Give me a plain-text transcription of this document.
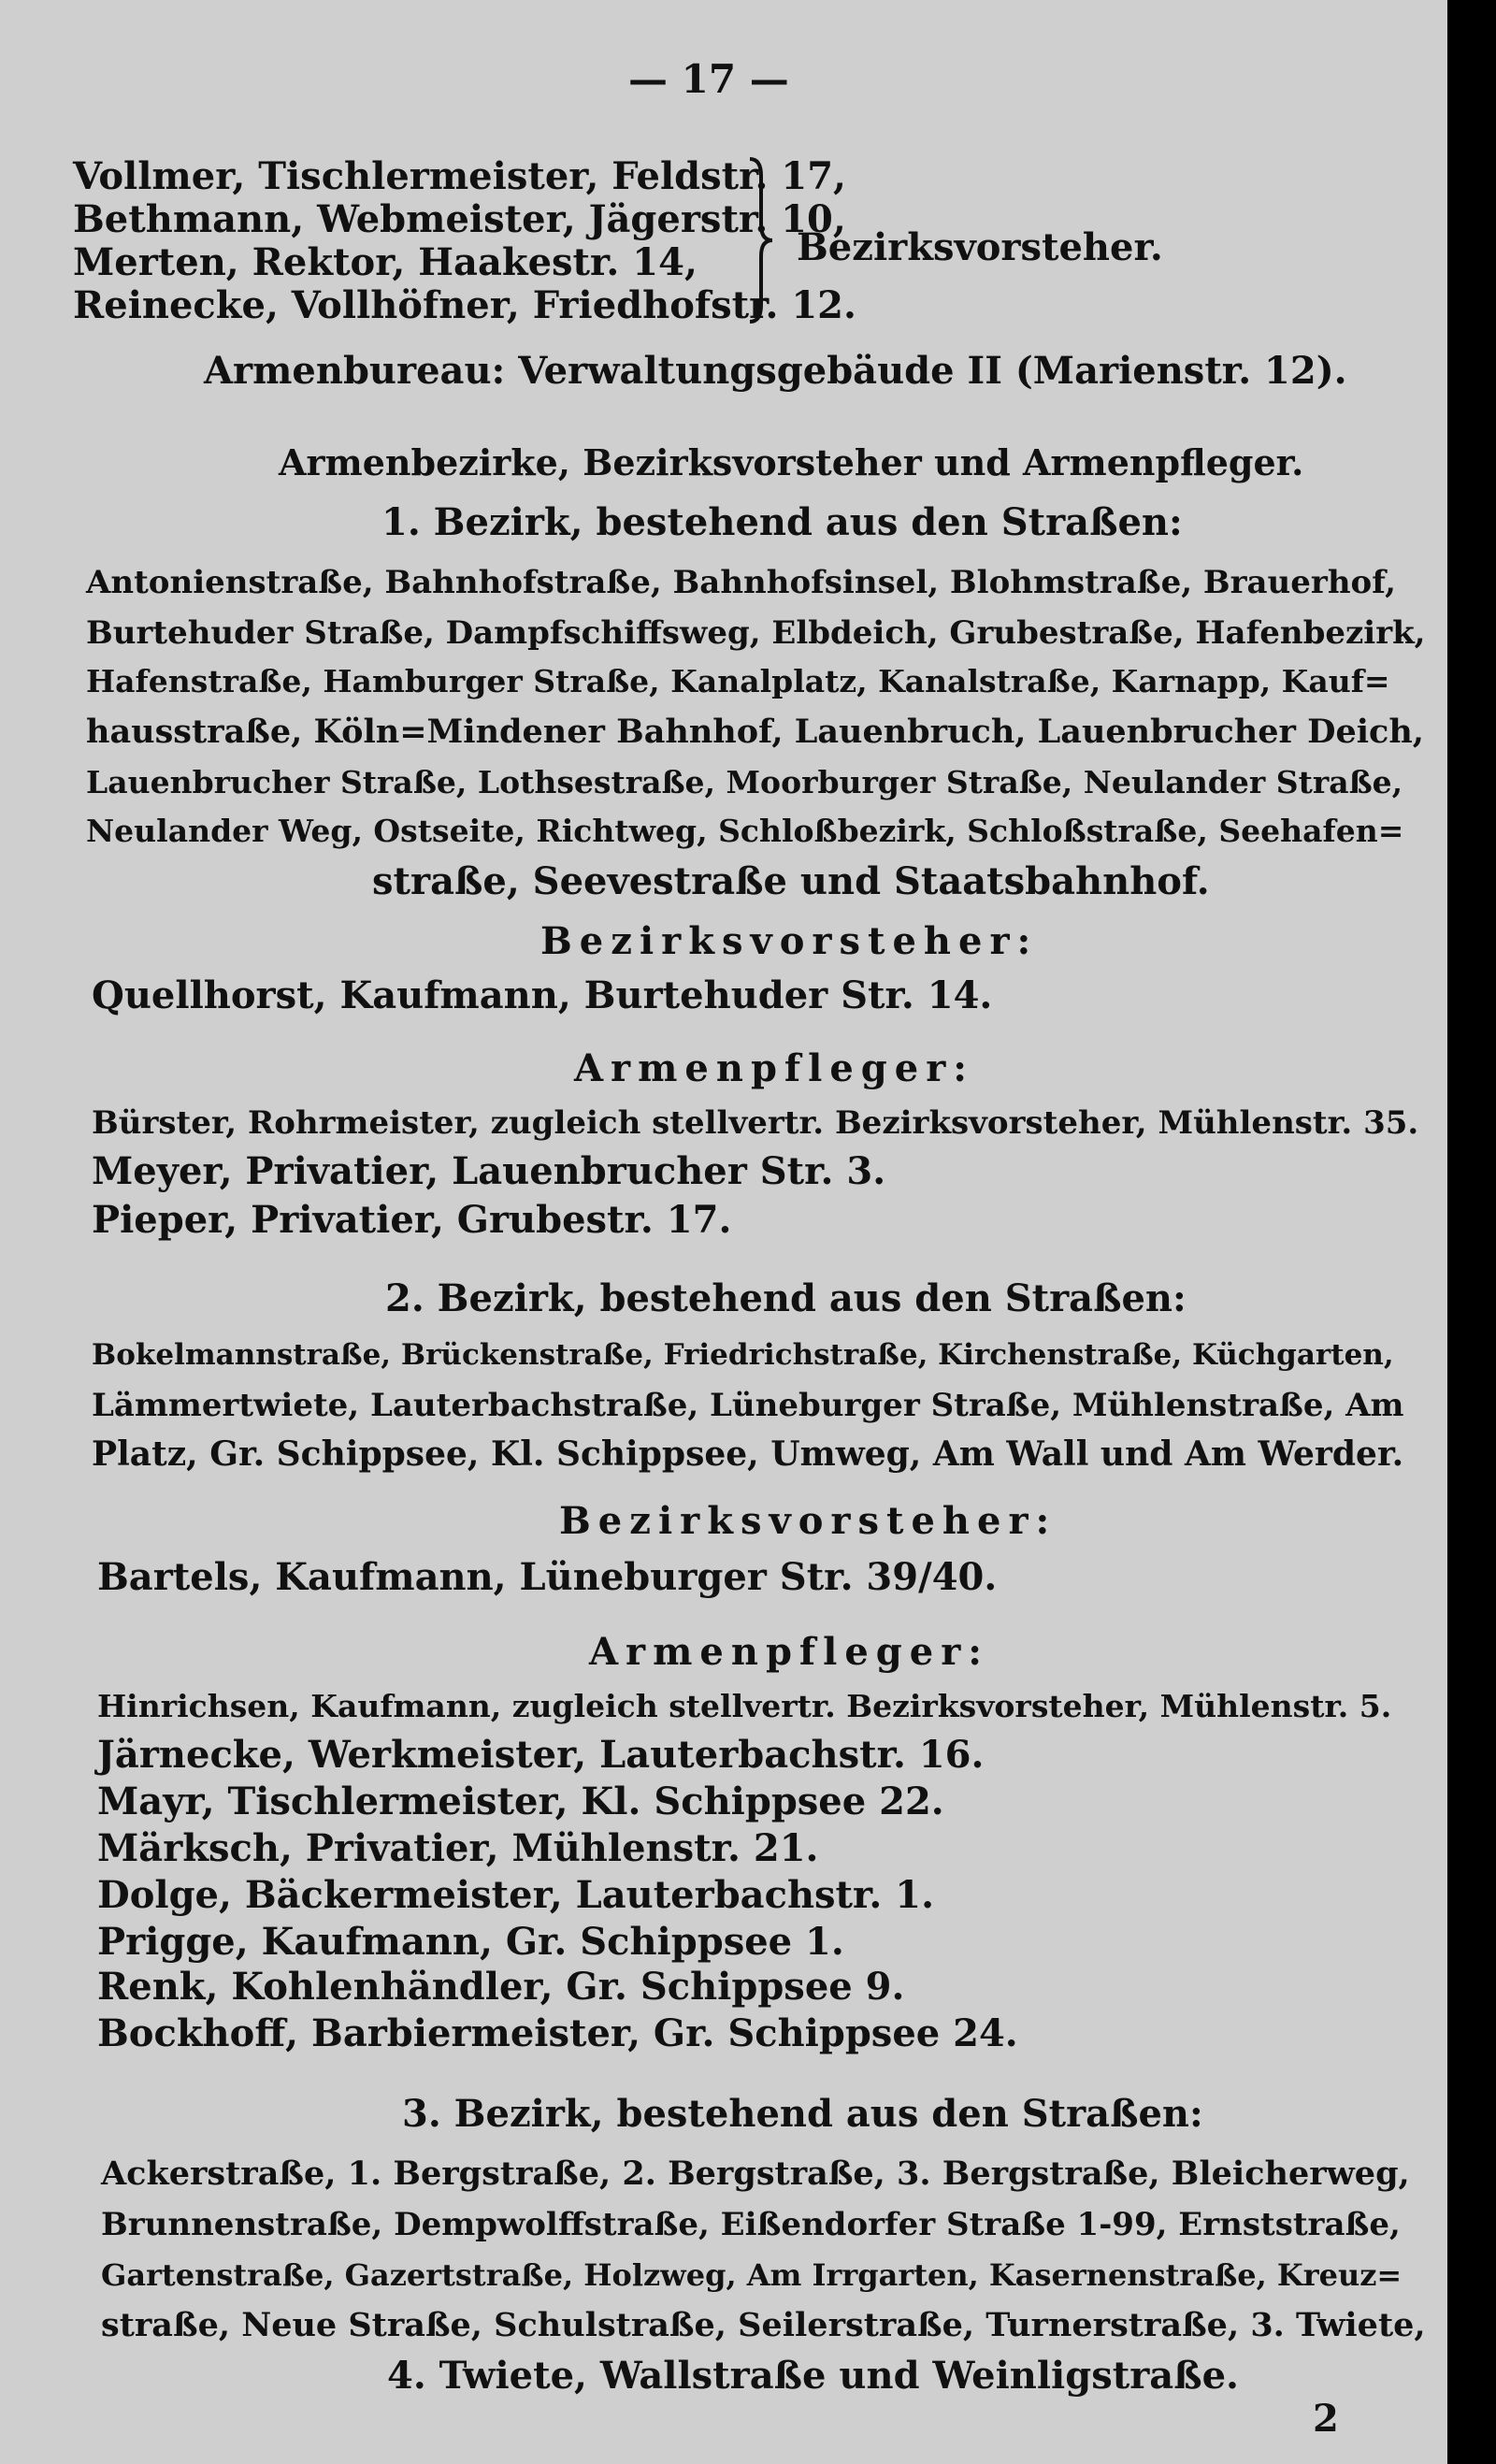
— 17 —
Vollmer, Tischlermeister, Feldstr. 17,
Bethmann, Webmeister, Jägerstr. 10,
Merten, Rektor, Haakestr. 14,
Reinecke, Vollhöfner, Friedhofstr. 12.
Bezirksvorsteher.
Armenbureau: Verwaltungsgebäude II (Marienstr. 12).
Armenbezirke, Bezirksvorsteher und Armenpfleger.
1. Bezirk, bestehend aus den Straßen:
Antonienstraße, Bahnhofstraße, Bahnhofsinsel, Blohmstraße, Brauerhof,
Burtehuder Straße, Dampfschiffsweg, Elbdeich, Grubestraße, Hafenbezirk,
Hafenstraße, Hamburger Straße, Kanalplatz, Kanalstraße, Karnapp, Kauf=
hausstraße, Köln=Mindener Bahnhof, Lauenbruch, Lauenbrucher Deich,
Lauenbrucher Straße, Lothsestraße, Moorburger Straße, Neulander Straße,
Neulander Weg, Ostseite, Richtweg, Schloßbezirk, Schloßstraße, Seehafen=
straße, Seevestraße und Staatsbahnhof.
Bezirksvorsteher:
Quellhorst, Kaufmann, Burtehuder Str. 14.
Armenpfleger:
Bürster, Rohrmeister, zugleich stellvertr. Bezirksvorsteher, Mühlenstr. 35.
Meyer, Privatier, Lauenbrucher Str. 3.
Pieper, Privatier, Grubestr. 17.
2. Bezirk, bestehend aus den Straßen:
Bokelmannstraße, Brückenstraße, Friedrichstraße, Kirchenstraße, Küchgarten,
Lämmertwiete, Lauterbachstraße, Lüneburger Straße, Mühlenstraße, Am
Platz, Gr. Schippsee, Kl. Schippsee, Umweg, Am Wall und Am Werder.
Bezirksvorsteher:
Bartels, Kaufmann, Lüneburger Str. 39/40.
Armenpfleger:
Hinrichsen, Kaufmann, zugleich stellvertr. Bezirksvorsteher, Mühlenstr. 5.
Järnecke, Werkmeister, Lauterbachstr. 16.
Mayr, Tischlermeister, Kl. Schippsee 22.
Märksch, Privatier, Mühlenstr. 21.
Dolge, Bäckermeister, Lauterbachstr. 1.
Prigge, Kaufmann, Gr. Schippsee 1.
Renk, Kohlenhändler, Gr. Schippsee 9.
Bockhoff, Barbiermeister, Gr. Schippsee 24.
3. Bezirk, bestehend aus den Straßen:
Ackerstraße, 1. Bergstraße, 2. Bergstraße, 3. Bergstraße, Bleicherweg,
Brunnenstraße, Dempwolffstraße, Eißendorfer Straße 1-99, Ernststraße,
Gartenstraße, Gazertstraße, Holzweg, Am Irrgarten, Kasernenstraße, Kreuz=
straße, Neue Straße, Schulstraße, Seilerstraße, Turnerstraße, 3. Twiete,
4. Twiete, Wallstraße und Weinligstraße.
2
